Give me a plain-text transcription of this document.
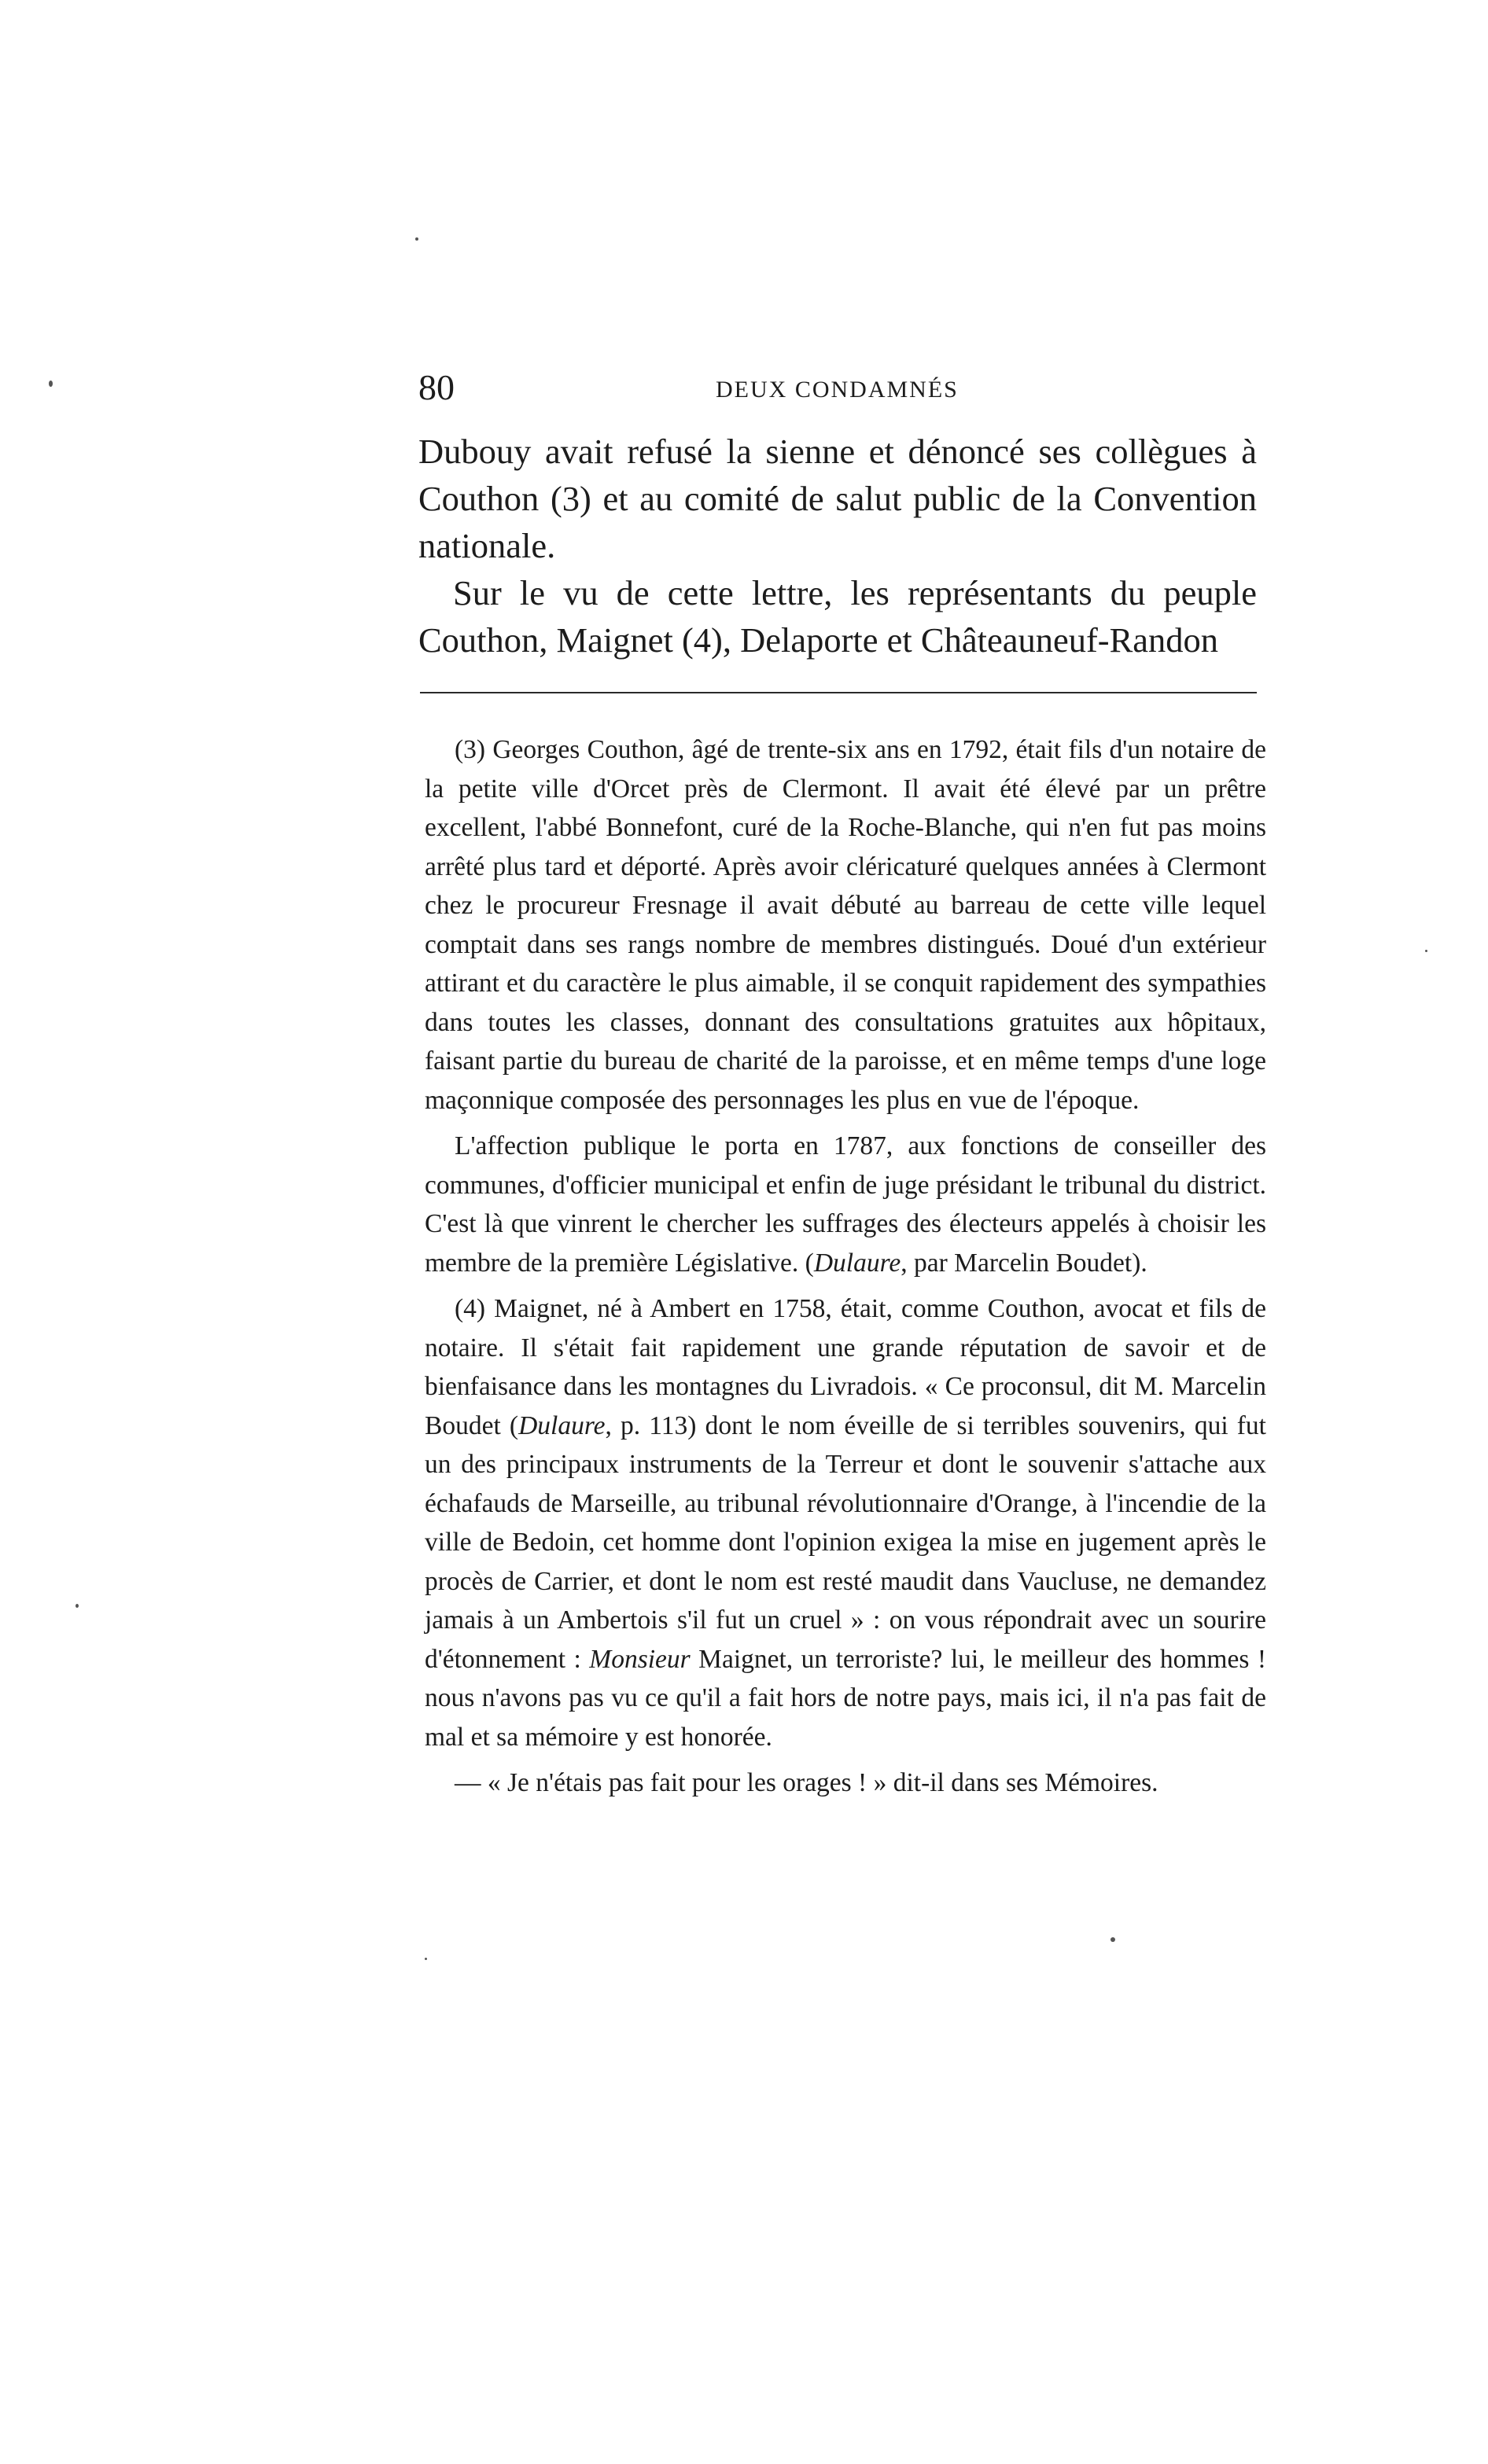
80	DEUX CONDAMNÉS

Dubouy avait refusé la sienne et dénoncé ses collègues à Couthon (3) et au comité de salut public de la Convention nationale.

Sur le vu de cette lettre, les représentants du peuple Couthon, Maignet (4), Delaporte et Châteauneuf-Randon

(3) Georges Couthon, âgé de trente-six ans en 1792, était fils d'un notaire de la petite ville d'Orcet près de Clermont. Il avait été élevé par un prêtre excellent, l'abbé Bonnefont, curé de la Roche-Blanche, qui n'en fut pas moins arrêté plus tard et déporté. Après avoir cléricaturé quelques années à Clermont chez le procureur Fresnage il avait débuté au barreau de cette ville lequel comptait dans ses rangs nombre de membres distingués. Doué d'un extérieur attirant et du caractère le plus aimable, il se conquit rapidement des sympathies dans toutes les classes, donnant des consultations gratuites aux hôpitaux, faisant partie du bureau de charité de la paroisse, et en même temps d'une loge maçonnique composée des personnages les plus en vue de l'époque.

L'affection publique le porta en 1787, aux fonctions de conseiller des communes, d'officier municipal et enfin de juge présidant le tribunal du district. C'est là que vinrent le chercher les suffrages des électeurs appelés à choisir les membre de la première Législative. (Dulaure, par Marcelin Boudet).

(4) Maignet, né à Ambert en 1758, était, comme Couthon, avocat et fils de notaire. Il s'était fait rapidement une grande réputation de savoir et de bienfaisance dans les montagnes du Livradois. « Ce proconsul, dit M. Marcelin Boudet (Dulaure, p. 113) dont le nom éveille de si terribles souvenirs, qui fut un des principaux instruments de la Terreur et dont le souvenir s'attache aux échafauds de Marseille, au tribunal révolutionnaire d'Orange, à l'incendie de la ville de Bedoin, cet homme dont l'opinion exigea la mise en jugement après le procès de Carrier, et dont le nom est resté maudit dans Vaucluse, ne demandez jamais à un Ambertois s'il fut un cruel » : on vous répondrait avec un sourire d'étonnement : Monsieur Maignet, un terroriste? lui, le meilleur des hommes ! nous n'avons pas vu ce qu'il a fait hors de notre pays, mais ici, il n'a pas fait de mal et sa mémoire y est honorée.

— « Je n'étais pas fait pour les orages ! » dit-il dans ses Mémoires.
